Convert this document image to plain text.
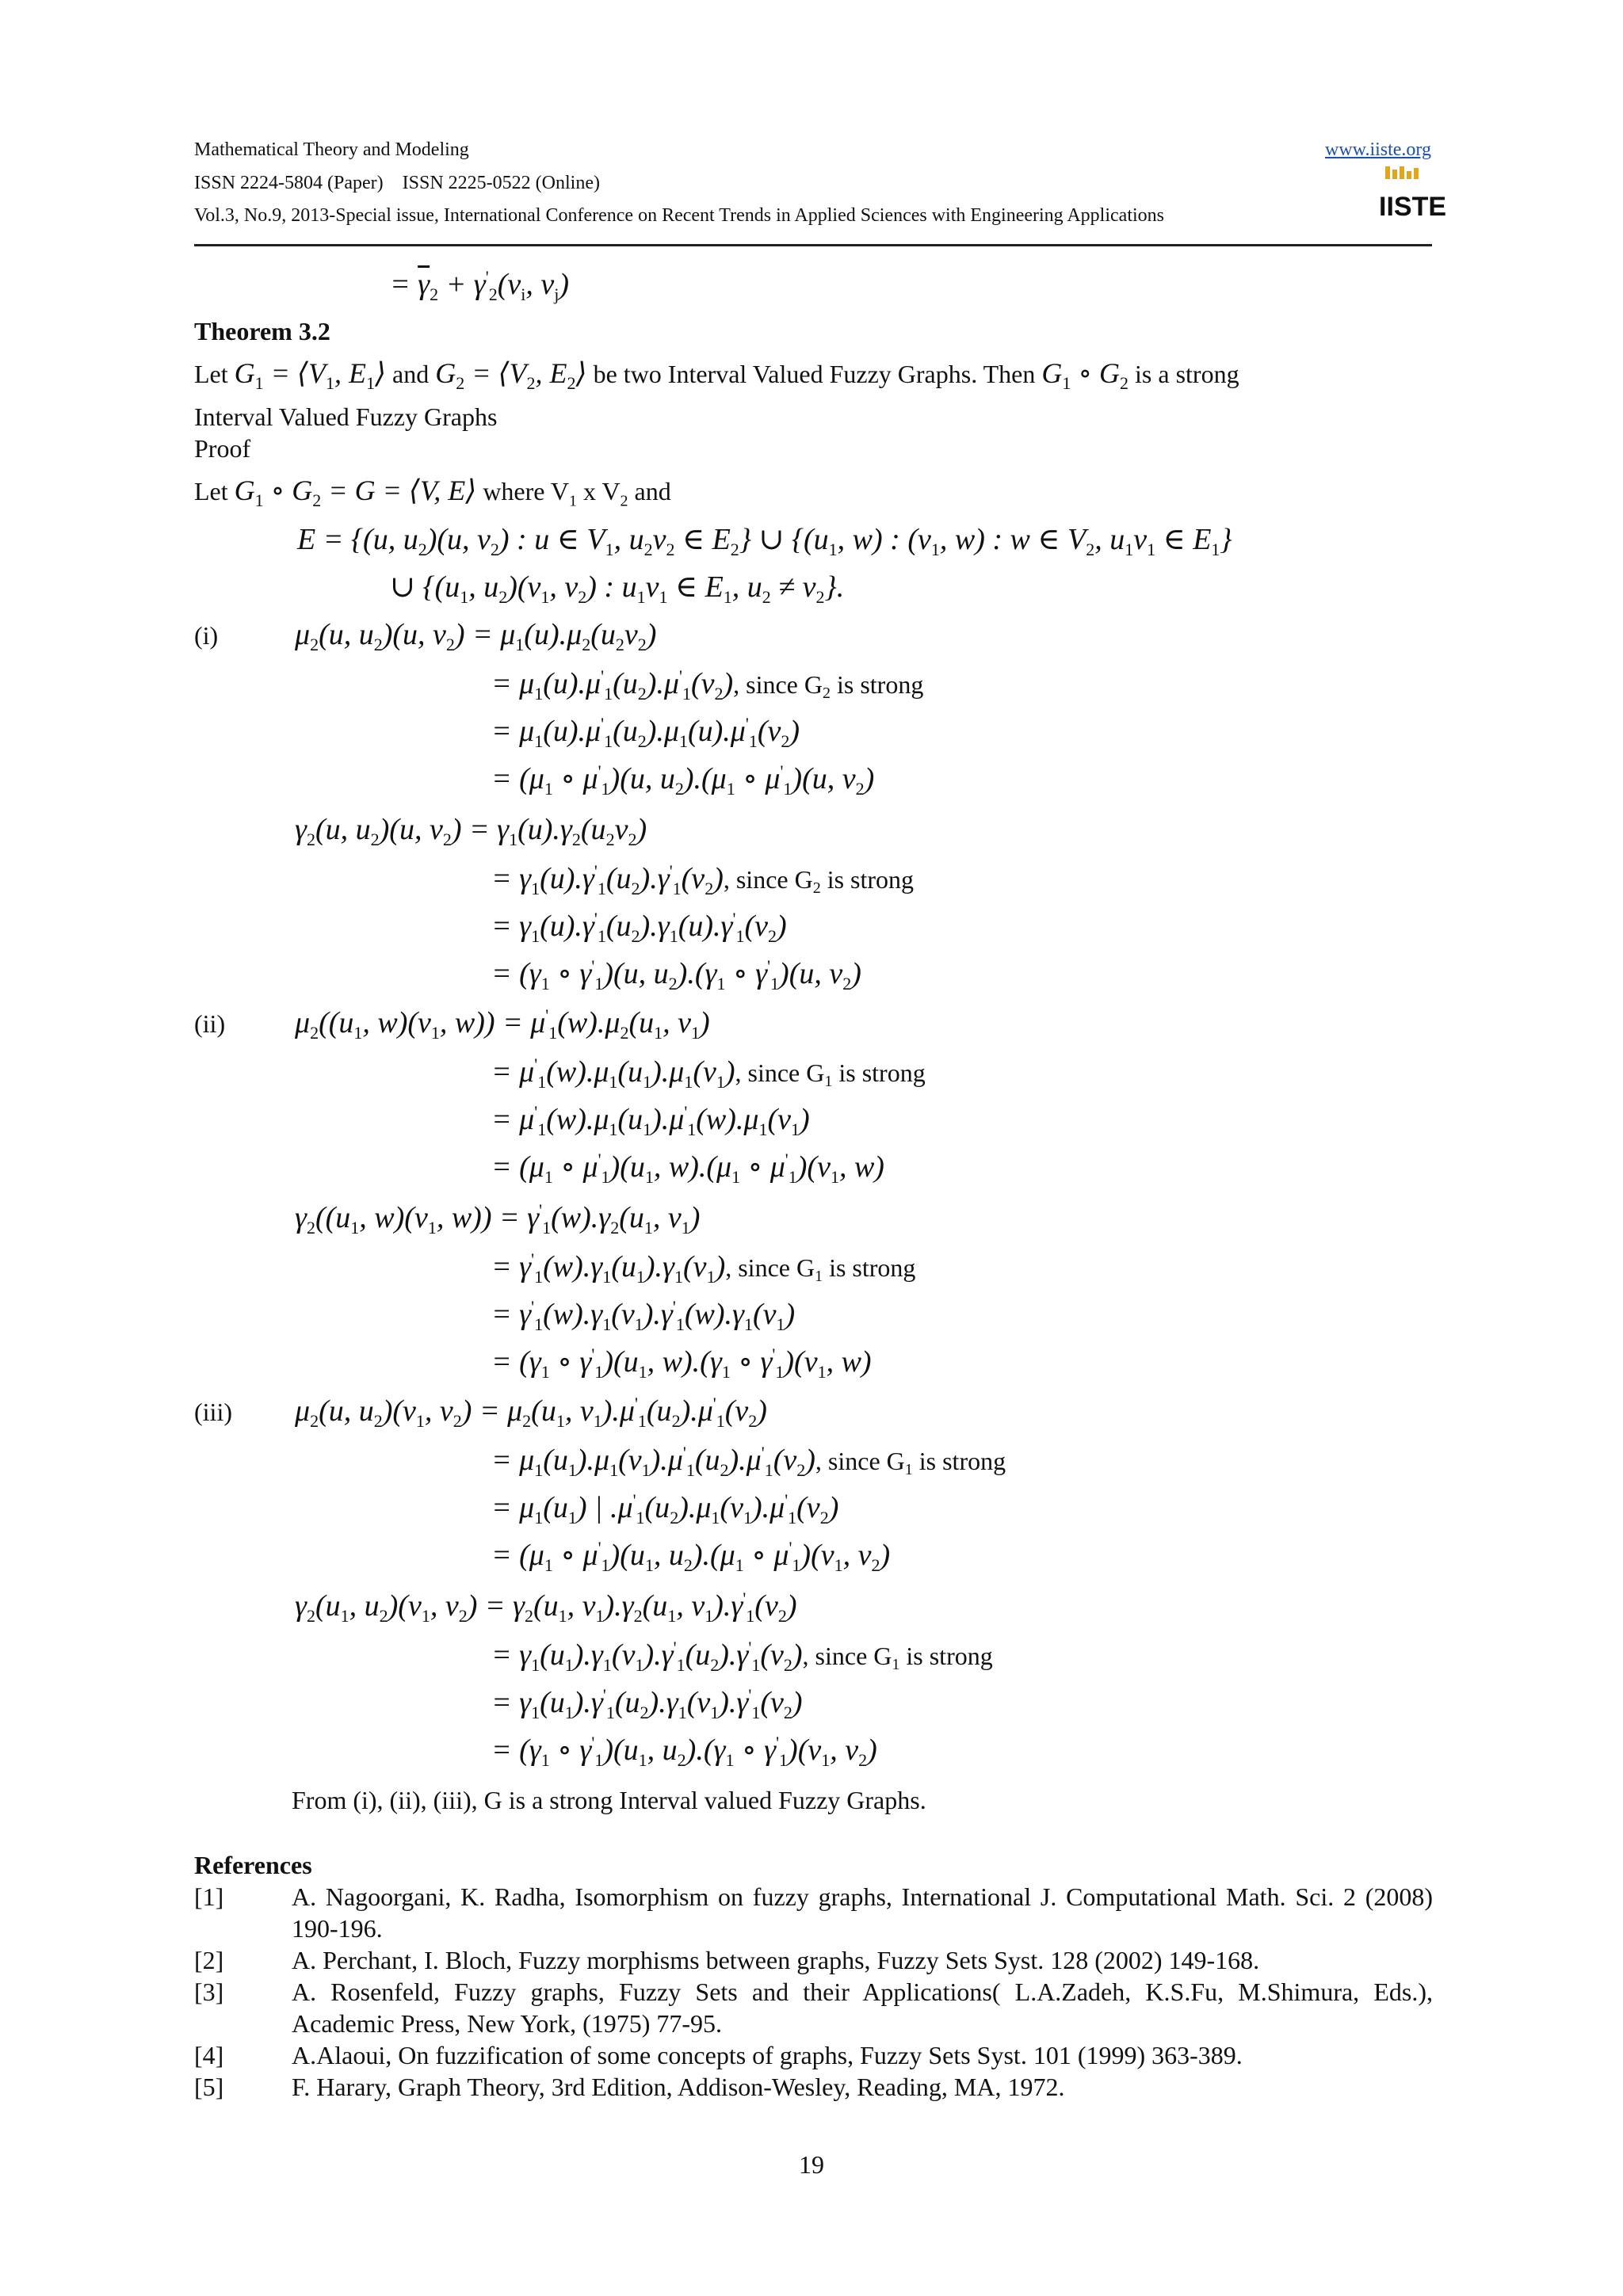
Mathematical Theory and Modeling	www.iiste.org
ISSN 2224-5804 (Paper)    ISSN 2225-0522 (Online)
Vol.3, No.9, 2013-Special issue, International Conference on Recent Trends in Applied Sciences with Engineering Applications	IISTE
= $\overline{\gamma}_2 + \gamma'_2(v_i$, $v_j$)
Theorem 3.2
Let $G_1$ = $⟨V_1$, $E_1⟩$ and $G_2$ = $⟨V_2$, $E_2⟩$ be two Interval Valued Fuzzy Graphs. Then $G_1$ ∘ $G_2$ is a strong
Interval Valued Fuzzy Graphs
Proof
Let $G_1$ ∘ $G_2 = G$ = ⟨V, E⟩ where $V_1$ x $V_2$ and
E = {(u, $u_2)(u$, $v_2$) : u ∈ $V_1$, $u_2v_2$ ∈ $E_2$} ∪ {($u_1$, w) : ($v_1$, w) : w ∈ $V_2$, $u_1v_1$ ∈ $E_1$}
∪ {($u_1$, $u_2)(v_1$, $v_2$) : $u_1v_1$ ∈ $E_1$, $u_2 \ne v_2$}.
(i)	$\mu_2(u$, $u_2)(u$, $v_2) = \mu_1(u).\mu_2(u_2v_2)$
= $\mu_1(u).\mu'_1(u_2).\mu'_1(v_2)$, since $G_2$ is strong
= $\mu_1(u).\mu'_1(u_2).\mu_1(u).\mu'_1(v_2)$
= ($\mu_1$ ∘ $\mu'_1)(u$, $u_2).(\mu_1$ ∘ $\mu'_1)(u$, $v_2$)
$\gamma_2(u$, $u_2)(u$, $v_2) = \gamma_1(u).\gamma_2(u_2v_2)$
= $\gamma_1(u).\gamma'_1(u_2).\gamma'_1(v_2)$, since $G_2$ is strong
= $\gamma_1(u).\gamma'_1(u_2).\gamma_1(u).\gamma'_1(v_2)$
= ($\gamma_1$ ∘ $\gamma'_1)(u$, $u_2).(\gamma_1$ ∘ $\gamma'_1)(u$, $v_2$)
(ii) $\mu_2((u_1$, $w)(v_1$, $w)) = \mu'_1(w).\mu_2(u_1$, $v_1$)
= $\mu'_1(w).\mu_1(u_1).\mu_1(v_1)$, since $G_1$ is strong
= $\mu'_1(w).\mu_1(u_1).\mu'_1(w).\mu_1(v_1)$
= ($\mu_1$ ∘ $\mu'_1)(u_1$, $w).(\mu_1$ ∘ $\mu'_1)(v_1$, w)
$\gamma_2((u_1$, $w)(v_1$, $w)) = \gamma'_1(w).\gamma_2(u_1$, $v_1$)
= $\gamma'_1(w).\gamma_1(u_1).\gamma_1(v_1)$, since $G_1$ is strong
= $\gamma'_1(w).\gamma_1(v_1).\gamma'_1(w).\gamma_1(v_1)$
= ($\gamma_1$ ∘ $\gamma'_1)(u_1$, $w).(\gamma_1$ ∘ $\gamma'_1)(v_1$, w)
(iii) $\mu_2(u$, $u_2)(v_1$, $v_2) = \mu_2(u_1$, $v_1).\mu'_1(u_2).\mu'_1(v_2)$
= $\mu_1(u_1).\mu_1(v_1).\mu'_1(u_2).\mu'_1(v_2)$, since $G_1$ is strong
= $\mu_1(u_1)$ | $.\mu'_1(u_2).\mu_1(v_1).\mu'_1(v_2)$
= ($\mu_1$ ∘ $\mu'_1)(u_1$, $u_2).(\mu_1$ ∘ $\mu'_1)(v_1$, $v_2$)
$\gamma_2(u_1$, $u_2)(v_1$, $v_2) = \gamma_2(u_1$, $v_1).\gamma_2(u_1$, $v_1).\gamma'_1(v_2)$
= $\gamma_1(u_1).\gamma_1(v_1).\gamma'_1(u_2).\gamma'_1(v_2)$, since $G_1$ is strong
= $\gamma_1(u_1).\gamma'_1(u_2).\gamma_1(v_1).\gamma'_1(v_2)$
= ($\gamma_1$ ∘ $\gamma'_1)(u_1$, $u_2).(\gamma_1$ ∘ $\gamma'_1)(v_1$, $v_2$)
From (i), (ii), (iii), G is a strong Interval valued Fuzzy Graphs.
References
[1]	A. Nagoorgani, K. Radha, Isomorphism on fuzzy graphs, International J. Computational Math. Sci. 2 (2008) 190-196.
[2]	A. Perchant, I. Bloch, Fuzzy morphisms between graphs, Fuzzy Sets Syst. 128 (2002) 149-168.
[3]	A. Rosenfeld, Fuzzy graphs, Fuzzy Sets and their Applications( L.A.Zadeh, K.S.Fu, M.Shimura, Eds.), Academic Press, New York, (1975) 77-95.
[4]	A.Alaoui, On fuzzification of some concepts of graphs, Fuzzy Sets Syst. 101 (1999) 363-389.
[5]	F. Harary, Graph Theory, 3rd Edition, Addison-Wesley, Reading, MA, 1972.
19
